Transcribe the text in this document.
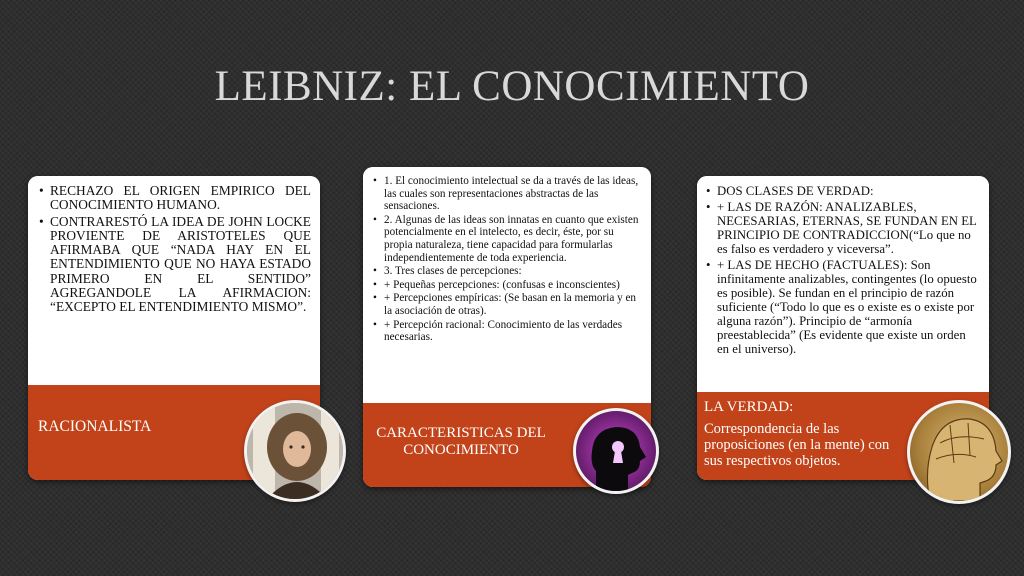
LEIBNIZ: EL CONOCIMIENTO
• RECHAZO EL ORIGEN EMPIRICO DEL CONOCIMIENTO HUMANO.
• CONTRARESTÓ LA IDEA DE JOHN LOCKE PROVIENTE DE ARISTOTELES QUE AFIRMABA QUE “NADA HAY EN EL ENTENDIMIENTO QUE NO HAYA ESTADO PRIMERO EN EL SENTIDO” AGREGANDOLE LA AFIRMACION: “EXCEPTO EL ENTENDIMIENTO MISMO”.
RACIONALISTA
• 1. El conocimiento intelectual se da a través de las ideas, las cuales son representaciones abstractas de las sensaciones.
• 2. Algunas de las ideas son innatas en cuanto que existen potencialmente en el intelecto, es decir, éste, por su propia naturaleza, tiene capacidad para formularlas independientemente de toda experiencia.
• 3. Tres clases de percepciones:
• + Pequeñas percepciones: (confusas e inconscientes)
• + Percepciones empíricas: (Se basan en la memoria y en la asociación de otras).
• + Percepción racional: Conocimiento de las verdades necesarias.
CARACTERISTICAS DEL CONOCIMIENTO
• DOS CLASES DE VERDAD:
• + LAS DE RAZÓN: ANALIZABLES, NECESARIAS, ETERNAS, SE FUNDAN EN EL PRINCIPIO DE CONTRADICCION(“Lo que no es falso es verdadero y viceversa”.
• + LAS DE HECHO (FACTUALES): Son infinitamente analizables, contingentes (lo opuesto es posible). Se fundan en el principio de razón suficiente (“Todo lo que es o existe es o existe por alguna razón”). Principio de “armonía preestablecida” (Es evidente que existe un orden en el universo).
LA VERDAD:
Correspondencia de las proposiciones (en la mente) con sus respectivos objetos.
